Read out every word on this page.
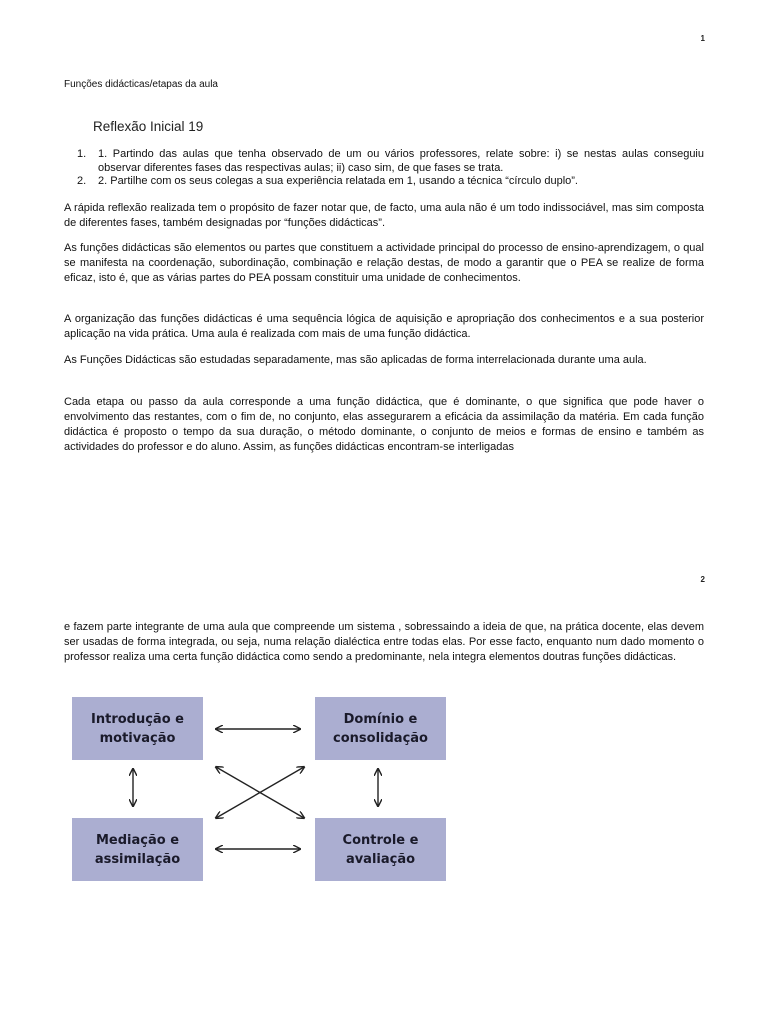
1
Funções didácticas/etapas da aula
Reflexão Inicial 19
1. 1. Partindo das aulas que tenha observado de um ou vários professores, relate sobre: i) se nestas aulas conseguiu observar diferentes fases das respectivas aulas; ii) caso sim, de que fases se trata.
2. 2. Partilhe com os seus colegas a sua experiência relatada em 1, usando a técnica “círculo duplo”.

A rápida reflexão realizada tem o propósito de fazer notar que, de facto, uma aula não é um todo indissociável, mas sim composta de diferentes fases, também designadas por “funções didácticas”.

As funções didácticas são elementos ou partes que constituem a actividade principal do processo de ensino-aprendizagem, o qual se manifesta na coordenação, subordinação, combinação e relação destas, de modo a garantir que o PEA se realize de forma eficaz, isto é, que as várias partes do PEA possam constituir uma unidade de conhecimentos.

A organização das funções didácticas é uma sequência lógica de aquisição e apropriação dos conhecimentos e a sua posterior aplicação na vida prática. Uma aula é realizada com mais de uma função didáctica.

As Funções Didácticas são estudadas separadamente, mas são aplicadas de forma interrelacionada durante uma aula.

Cada etapa ou passo da aula corresponde a uma função didáctica, que é dominante, o que significa que pode haver o envolvimento das restantes, com o fim de, no conjunto, elas assegurarem a eficácia da assimilação da matéria. Em cada função didáctica é proposto o tempo da sua duração, o método dominante, o conjunto de meios e formas de ensino e também as actividades do professor e do aluno. Assim, as funções didácticas encontram-se interligadas

2

e fazem parte integrante de uma aula que compreende um sistema , sobressaindo a ideia de que, na prática docente, elas devem ser usadas de forma integrada, ou seja, numa relação dialéctica entre todas elas. Por esse facto, enquanto num dado momento o professor realiza uma certa função didáctica como sendo a predominante, nela integra elementos doutras funções didácticas.

Introdução e
motivação
Domínio e
consolidação
Mediação e
assimilação
Controle e
avaliação
